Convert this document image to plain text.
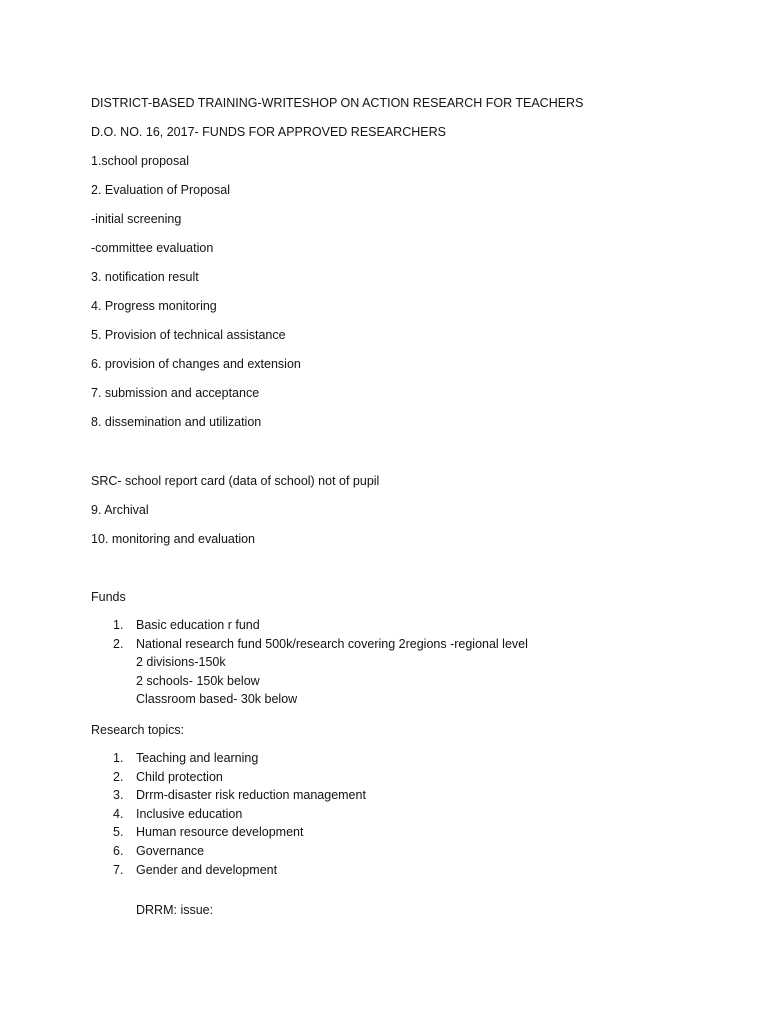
DISTRICT-BASED TRAINING-WRITESHOP ON ACTION RESEARCH FOR TEACHERS
D.O. NO. 16, 2017- FUNDS FOR APPROVED RESEARCHERS
1.school proposal
2. Evaluation of Proposal
-initial screening
-committee evaluation
3. notification result
4. Progress monitoring
5. Provision of technical assistance
6. provision of changes and extension
7. submission and acceptance
8. dissemination and utilization
SRC- school report card (data of school) not of pupil
9. Archival
10. monitoring and evaluation
Funds
1.	Basic education r fund
2.	National research fund 500k/research covering 2regions -regional level
2 divisions-150k
2 schools- 150k below
Classroom based- 30k below
Research topics:
1.	Teaching and learning
2.	Child protection
3.	Drrm-disaster risk reduction management
4.	Inclusive education
5.	Human resource development
6.	Governance
7.	Gender and development
DRRM: issue:
